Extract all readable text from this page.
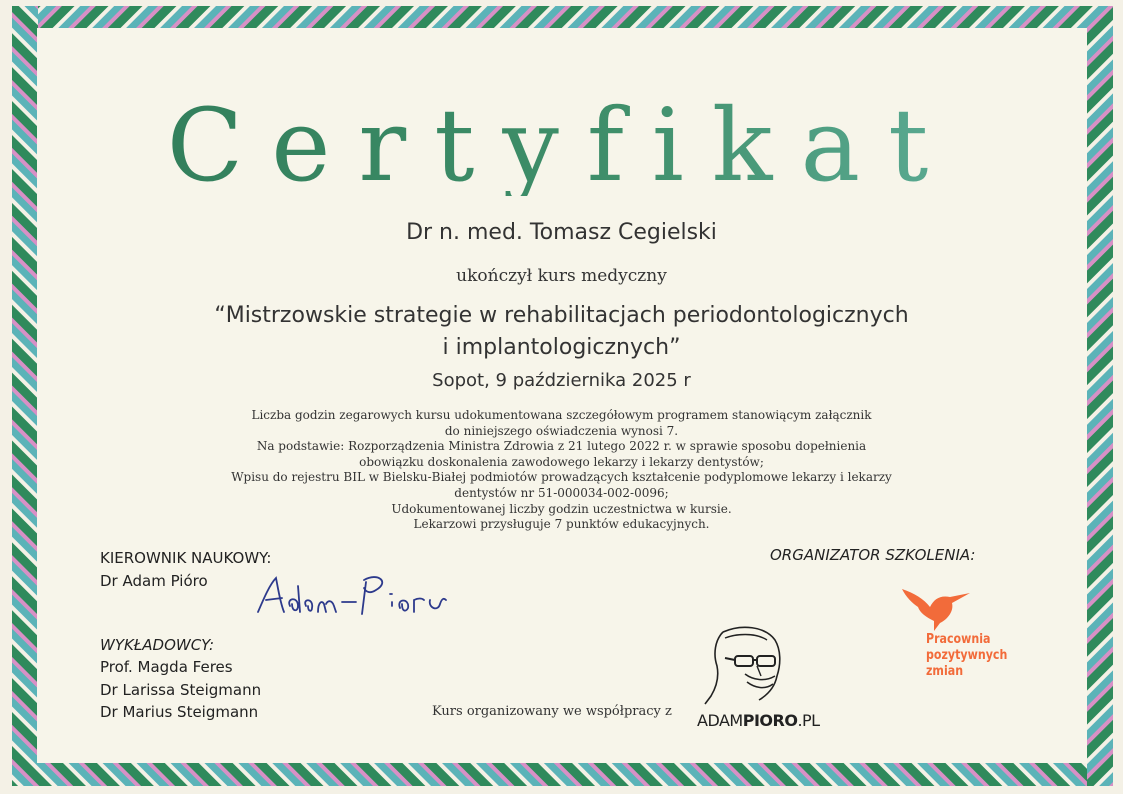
Certyfikat
Dr n. med. Tomasz Cegielski
ukończył kurs medyczny
“Mistrzowskie strategie w rehabilitacjach periodontologicznych
i implantologicznych”
Sopot, 9 października 2025 r
Liczba godzin zegarowych kursu udokumentowana szczegółowym programem stanowiącym załącznik
do niniejszego oświadczenia wynosi 7.
Na podstawie: Rozporządzenia Ministra Zdrowia z 21 lutego 2022 r. w sprawie sposobu dopełnienia
obowiązku doskonalenia zawodowego lekarzy i lekarzy dentystów;
Wpisu do rejestru BIL w Bielsku-Białej podmiotów prowadzących kształcenie podyplomowe lekarzy i lekarzy
dentystów nr 51-000034-002-0096;
Udokumentowanej liczby godzin uczestnictwa w kursie.
Lekarzowi przysługuje 7 punktów edukacyjnych.
KIEROWNIK NAUKOWY:
Dr Adam Pióro
WYKŁADOWCY:
Prof. Magda Feres
Dr Larissa Steigmann
Dr Marius Steigmann
ORGANIZATOR SZKOLENIA:
Kurs organizowany we współpracy z ADAMPIORO.PL
Pracownia
pozytywnych
zmian
